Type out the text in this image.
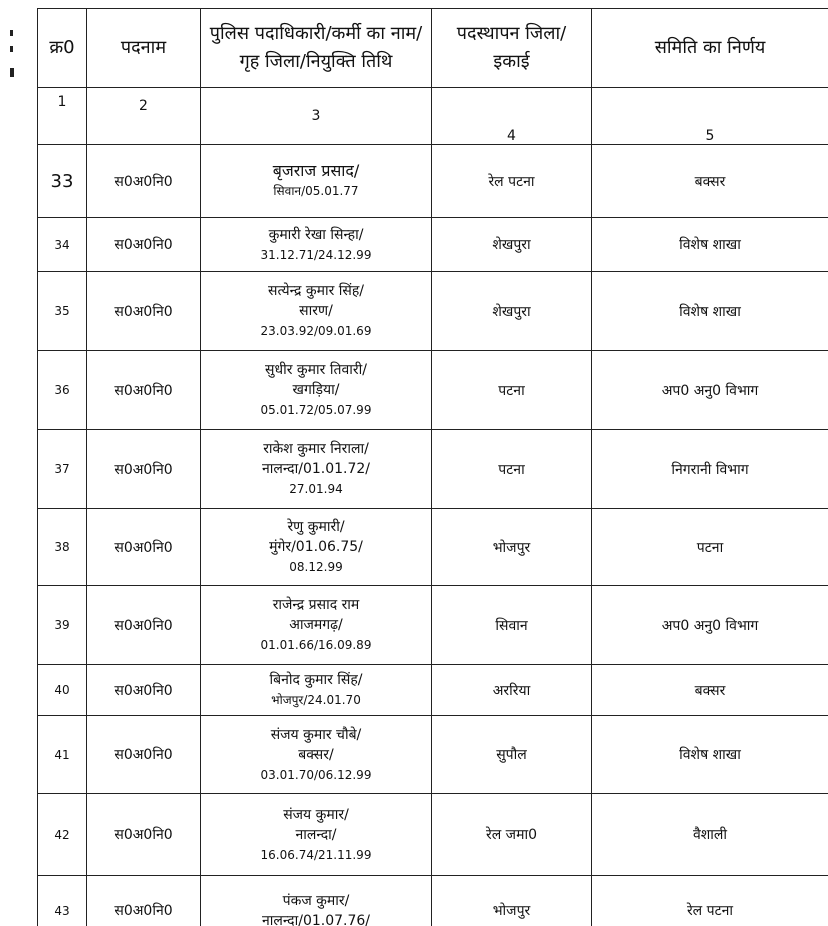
क्र0	पदनाम	पुलिस पदाधिकारी/कर्मी का नाम/गृह जिला/नियुक्ति तिथि	पदस्थापन जिला/ इकाई	समिति का निर्णय
1	2	3	4	5
33	स0अ0नि0	बृजराज प्रसाद/
सिवान/05.01.77	रेल पटना	बक्सर
34	स0अ0नि0	कुमारी रेखा सिन्हा/
31.12.71/24.12.99	शेखपुरा	विशेष शाखा
35	स0अ0नि0	सत्येन्द्र कुमार सिंह/
सारण/
23.03.92/09.01.69	शेखपुरा	विशेष शाखा
36	स0अ0नि0	सुधीर कुमार तिवारी/
खगड़िया/
05.01.72/05.07.99	पटना	अप0 अनु0 विभाग
37	स0अ0नि0	राकेश कुमार निराला/
नालन्दा/01.01.72/
27.01.94	पटना	निगरानी विभाग
38	स0अ0नि0	रेणु कुमारी/
मुंगेर/01.06.75/
08.12.99	भोजपुर	पटना
39	स0अ0नि0	राजेन्द्र प्रसाद राम
आजमगढ़/
01.01.66/16.09.89	सिवान	अप0 अनु0 विभाग
40	स0अ0नि0	बिनोद कुमार सिंह/
भोजपुर/24.01.70	अररिया	बक्सर
41	स0अ0नि0	संजय कुमार चौबे/
बक्सर/
03.01.70/06.12.99	सुपौल	विशेष शाखा
42	स0अ0नि0	संजय कुमार/
नालन्दा/
16.06.74/21.11.99	रेल जमा0	वैशाली
43	स0अ0नि0	पंकज कुमार/
नालन्दा/01.07.76/	भोजपुर	रेल पटना
